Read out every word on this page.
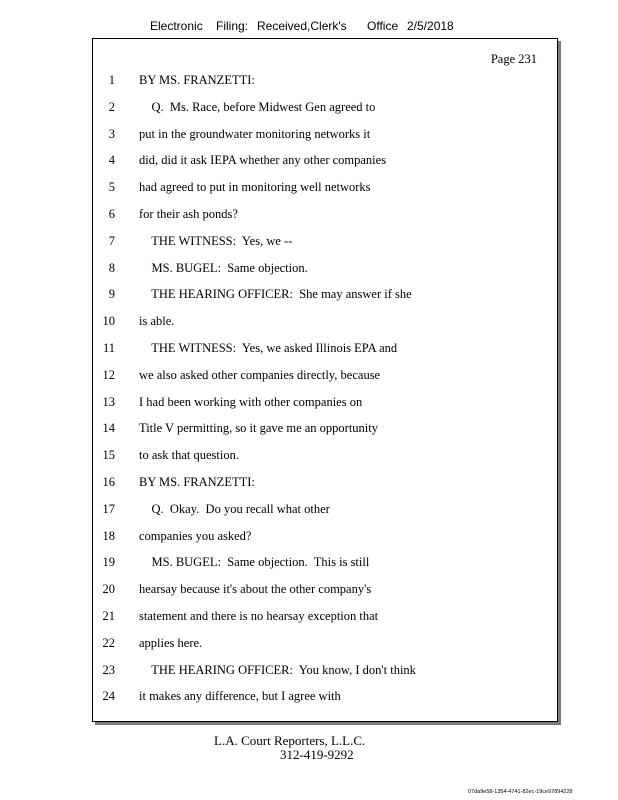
Electronic Filing: Received,Clerk's Office 2/5/2018
Page 231
1 BY MS. FRANZETTI:
2 Q.  Ms. Race, before Midwest Gen agreed to
3 put in the groundwater monitoring networks it
4 did, did it ask IEPA whether any other companies
5 had agreed to put in monitoring well networks
6 for their ash ponds?
7 THE WITNESS:  Yes, we --
8 MS. BUGEL:  Same objection.
9 THE HEARING OFFICER:  She may answer if she
10 is able.
11 THE WITNESS:  Yes, we asked Illinois EPA and
12 we also asked other companies directly, because
13 I had been working with other companies on
14 Title V permitting, so it gave me an opportunity
15 to ask that question.
16 BY MS. FRANZETTI:
17 Q.  Okay.  Do you recall what other
18 companies you asked?
19 MS. BUGEL:  Same objection.  This is still
20 hearsay because it's about the other company's
21 statement and there is no hearsay exception that
22 applies here.
23 THE HEARING OFFICER:  You know, I don't think
24 it makes any difference, but I agree with
L.A. Court Reporters, L.L.C.
312-419-9292
07da9e58-1354-4741-82ec-19ce97894228
